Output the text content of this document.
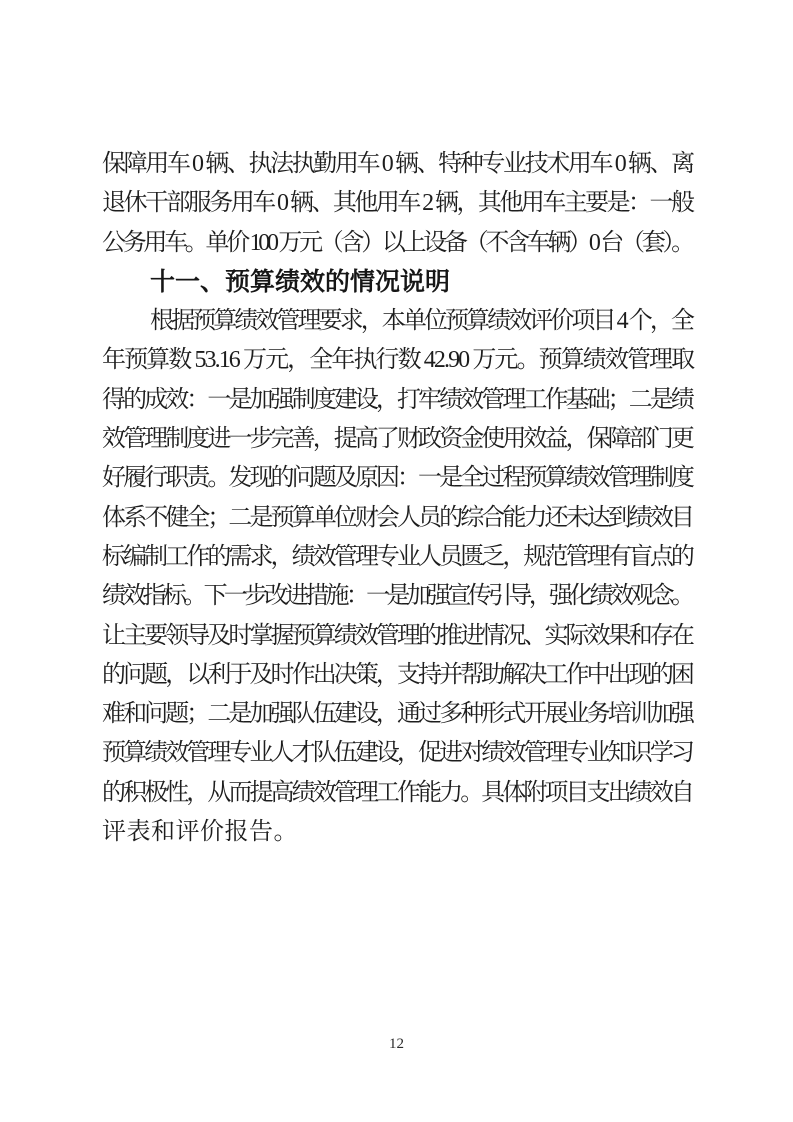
保障用车 0 辆、执法执勤用车 0 辆、特种专业技术用车 0 辆、离
退休干部服务用车 0 辆、其他用车 2 辆，其他用车主要是：一般
公务用车。单价 100 万元（含）以上设备（不含车辆）0 台（套）。
十一、预算绩效的情况说明
根据预算绩效管理要求，本单位预算绩效评价项目 4 个，全
年预算数 53.16 万元，全年执行数 42.90 万元。预算绩效管理取
得的成效：一是加强制度建设，打牢绩效管理工作基础；二是绩
效管理制度进一步完善，提高了财政资金使用效益，保障部门更
好履行职责。发现的问题及原因：一是全过程预算绩效管理制度
体系不健全；二是预算单位财会人员的综合能力还未达到绩效目
标编制工作的需求，绩效管理专业人员匮乏，规范管理有盲点的
绩效指标。下一步改进措施：一是加强宣传引导，强化绩效观念。
让主要领导及时掌握预算绩效管理的推进情况、实际效果和存在
的问题，以利于及时作出决策，支持并帮助解决工作中出现的困
难和问题；二是加强队伍建设，通过多种形式开展业务培训加强
预算绩效管理专业人才队伍建设，促进对绩效管理专业知识学习
的积极性，从而提高绩效管理工作能力。具体附项目支出绩效自
评表和评价报告。
12
